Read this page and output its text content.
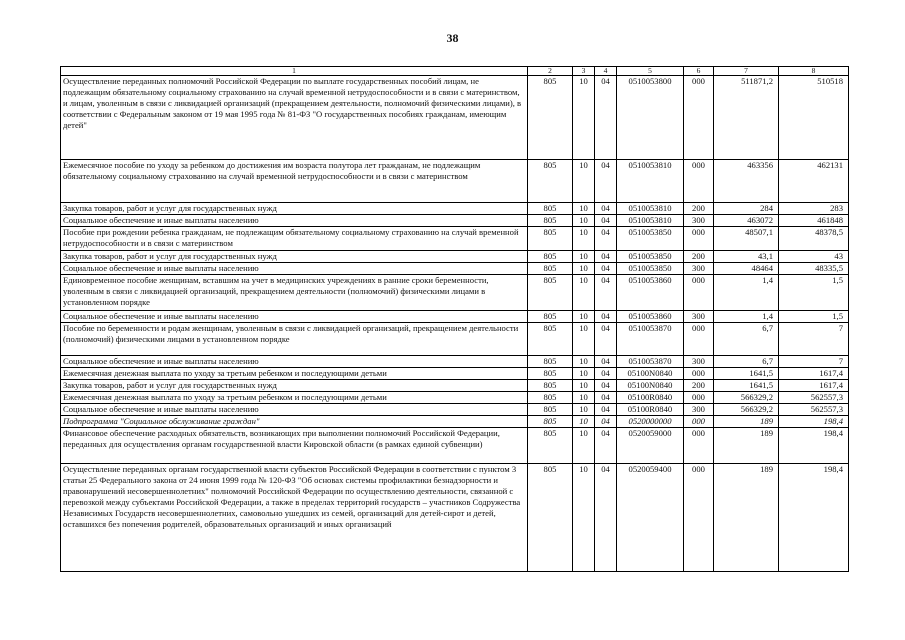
38
1	2	3	4	5	6	7	8
Осуществление переданных полномочий Российской Федерации по выплате государственных пособий лицам, не подлежащим обязательному социальному страхованию на случай временной нетрудоспособности и в связи с материнством, и лицам, уволенным в связи с ликвидацией организаций (прекращением деятельности, полномочий физическими лицами), в соответствии с Федеральным законом от 19 мая 1995 года № 81-ФЗ "О государственных пособиях гражданам, имеющим детей"	805	10	04	0510053800	000	511871,2	510518
Ежемесячное пособие по уходу за ребенком до достижения им возраста полутора лет гражданам, не подлежащим обязательному социальному страхованию на случай временной нетрудоспособности и в связи с материнством	805	10	04	0510053810	000	463356	462131
Закупка товаров, работ и услуг для государственных нужд	805	10	04	0510053810	200	284	283
Социальное обеспечение и иные выплаты населению	805	10	04	0510053810	300	463072	461848
Пособие при рождении ребенка гражданам, не подлежащим обязательному социальному страхованию на случай временной нетрудоспособности и в связи с материнством	805	10	04	0510053850	000	48507,1	48378,5
Закупка товаров, работ и услуг для государственных нужд	805	10	04	0510053850	200	43,1	43
Социальное обеспечение и иные выплаты населению	805	10	04	0510053850	300	48464	48335,5
Единовременное пособие женщинам, вставшим на учет в медицинских учреждениях в ранние сроки беременности, уволенным в связи с ликвидацией организаций, прекращением деятельности (полномочий) физическими лицами в установленном порядке	805	10	04	0510053860	000	1,4	1,5
Социальное обеспечение и иные выплаты населению	805	10	04	0510053860	300	1,4	1,5
Пособие по беременности и родам женщинам, уволенным в связи с ликвидацией организаций, прекращением деятельности (полномочий) физическими лицами в установленном порядке	805	10	04	0510053870	000	6,7	7
Социальное обеспечение и иные выплаты населению	805	10	04	0510053870	300	6,7	7
Ежемесячная денежная выплата по уходу за третьим ребенком и последующими детьми	805	10	04	05100N0840	000	1641,5	1617,4
Закупка товаров, работ и услуг для государственных нужд	805	10	04	05100N0840	200	1641,5	1617,4
Ежемесячная денежная выплата по уходу за третьим ребенком и последующими детьми	805	10	04	05100R0840	000	566329,2	562557,3
Социальное обеспечение и иные выплаты населению	805	10	04	05100R0840	300	566329,2	562557,3
Подпрограмма "Социальное обслуживание граждан"	805	10	04	0520000000	000	189	198,4
Финансовое обеспечение расходных обязательств, возникающих при выполнении полномочий Российской Федерации, переданных для осуществления органам государственной власти Кировской области (в рамках единой субвенции)	805	10	04	0520059000	000	189	198,4
Осуществление переданных органам государственной власти субъектов Российской Федерации в соответствии с пунктом 3 статьи 25 Федерального закона от 24 июня 1999 года № 120-ФЗ "Об основах системы профилактики безнадзорности и правонарушений несовершеннолетних" полномочий Российской Федерации по осуществлению деятельности, связанной с перевозкой между субъектами Российской Федерации, а также в пределах территорий государств – участников Содружества Независимых Государств несовершеннолетних, самовольно ушедших из семей, организаций для детей-сирот и детей, оставшихся без попечения родителей, образовательных организаций и иных организаций	805	10	04	0520059400	000	189	198,4
